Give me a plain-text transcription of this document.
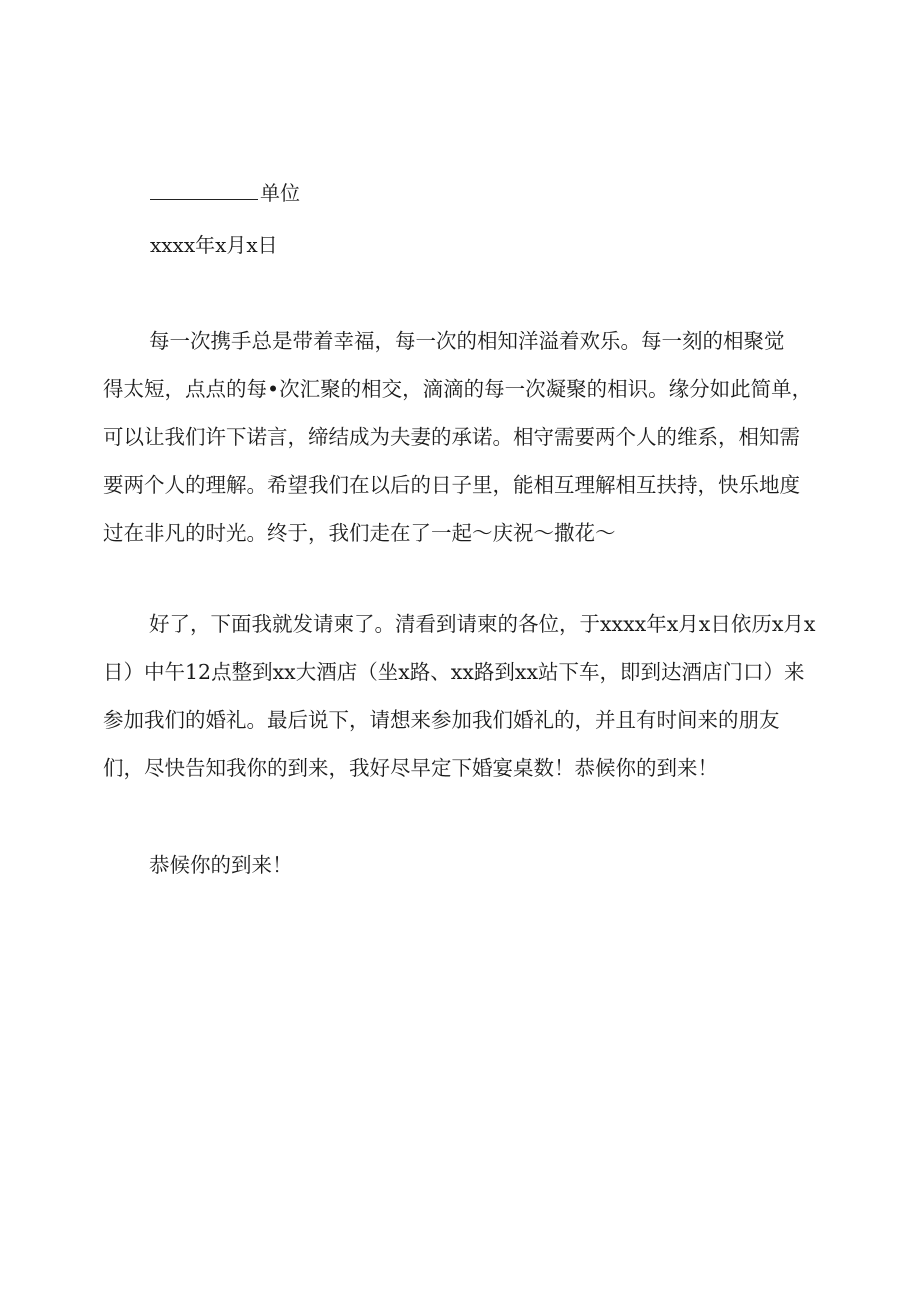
单位
xxxx年x月x日
每一次携手总是带着幸福，每一次的相知洋溢着欢乐。每一刻的相聚觉
得太短，点点的每•次汇聚的相交，滴滴的每一次凝聚的相识。缘分如此简单，
可以让我们许下诺言，缔结成为夫妻的承诺。相守需要两个人的维系，相知需
要两个人的理解。希望我们在以后的日子里，能相互理解相互扶持，快乐地度
过在非凡的时光。终于，我们走在了一起～庆祝～撒花～
好了，下面我就发请柬了。清看到请柬的各位，于xxxx年x月x日依历x月x
日）中午12点整到xx大酒店（坐x路、xx路到xx站下车，即到达酒店门口）来
参加我们的婚礼。最后说下，请想来参加我们婚礼的，并且有时间来的朋友
们，尽快告知我你的到来，我好尽早定下婚宴桌数！恭候你的到来！
恭候你的到来！
